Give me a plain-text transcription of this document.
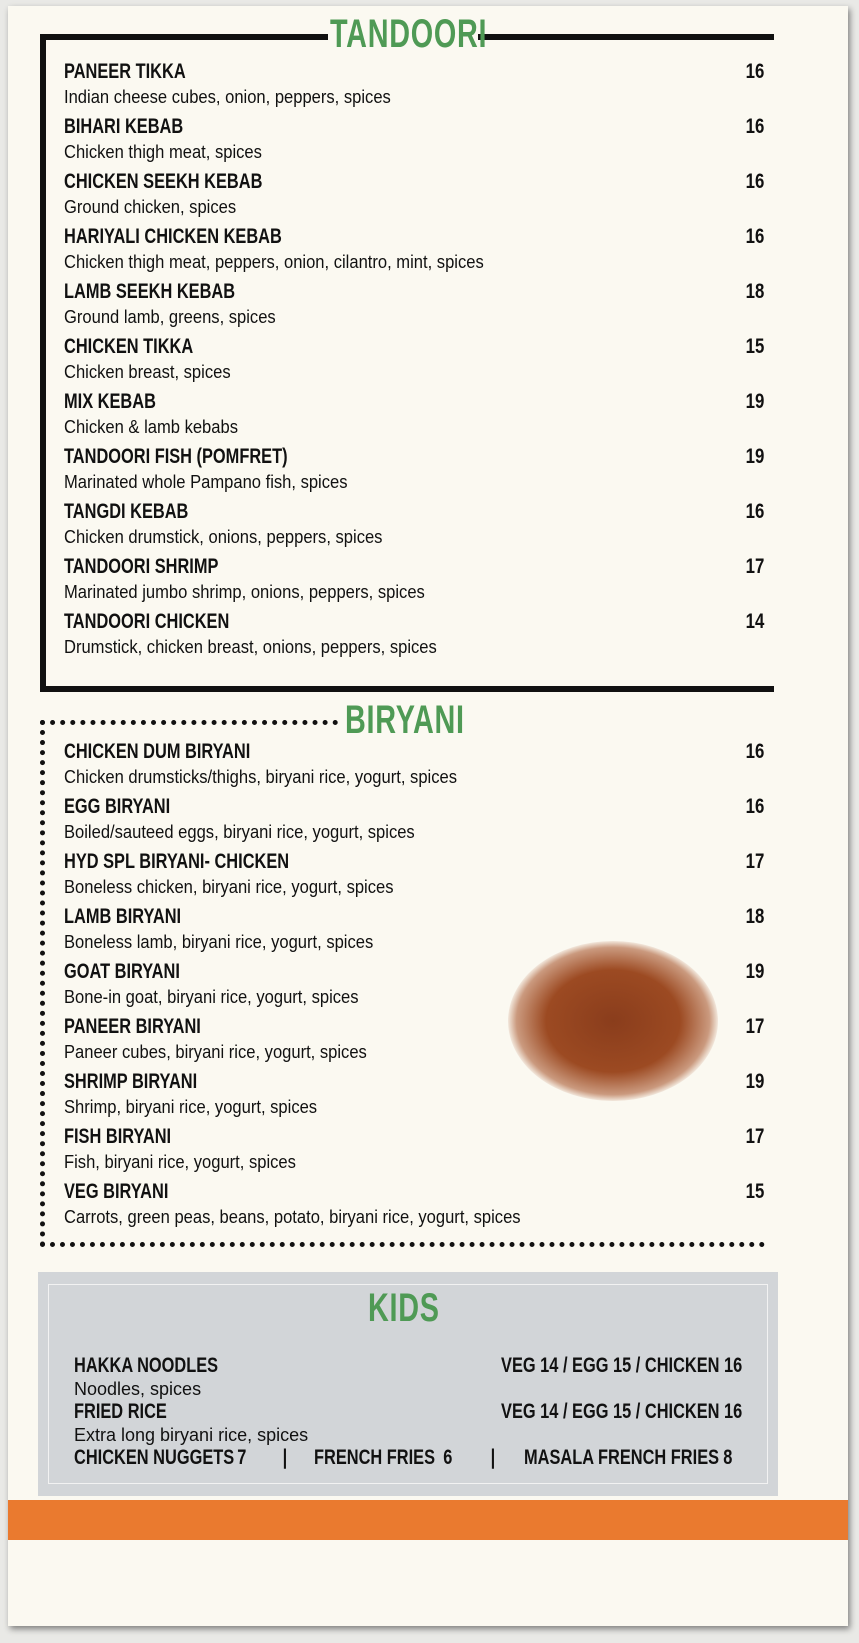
TANDOORI
PANEER TIKKA	16
Indian cheese cubes, onion, peppers, spices
BIHARI KEBAB	16
Chicken thigh meat, spices
CHICKEN SEEKH KEBAB	16
Ground chicken, spices
HARIYALI CHICKEN KEBAB	16
Chicken thigh meat, peppers, onion, cilantro, mint, spices
LAMB SEEKH KEBAB	18
Ground lamb, greens, spices
CHICKEN TIKKA	15
Chicken breast, spices
MIX KEBAB	19
Chicken & lamb kebabs
TANDOORI FISH (POMFRET)	19
Marinated whole Pampano fish, spices
TANGDI KEBAB	16
Chicken drumstick, onions, peppers, spices
TANDOORI SHRIMP	17
Marinated jumbo shrimp, onions, peppers, spices
TANDOORI CHICKEN	14
Drumstick, chicken breast, onions, peppers, spices
BIRYANI
CHICKEN DUM BIRYANI	16
Chicken drumsticks/thighs, biryani rice, yogurt, spices
EGG BIRYANI	16
Boiled/sauteed eggs, biryani rice, yogurt, spices
HYD SPL BIRYANI- CHICKEN	17
Boneless chicken, biryani rice, yogurt, spices
LAMB BIRYANI	18
Boneless lamb, biryani rice, yogurt, spices
GOAT BIRYANI	19
Bone-in goat, biryani rice, yogurt, spices
PANEER BIRYANI	17
Paneer cubes, biryani rice, yogurt, spices
SHRIMP BIRYANI	19
Shrimp, biryani rice, yogurt, spices
FISH BIRYANI	17
Fish, biryani rice, yogurt, spices
VEG BIRYANI	15
Carrots, green peas, beans, potato, biryani rice, yogurt, spices
KIDS
HAKKA NOODLES	VEG 14 / EGG 15 / CHICKEN 16
Noodles, spices
FRIED RICE	VEG 14 / EGG 15 / CHICKEN 16
Extra long biryani rice, spices
CHICKEN NUGGETS 7 | FRENCH FRIES 6 | MASALA FRENCH FRIES 8
